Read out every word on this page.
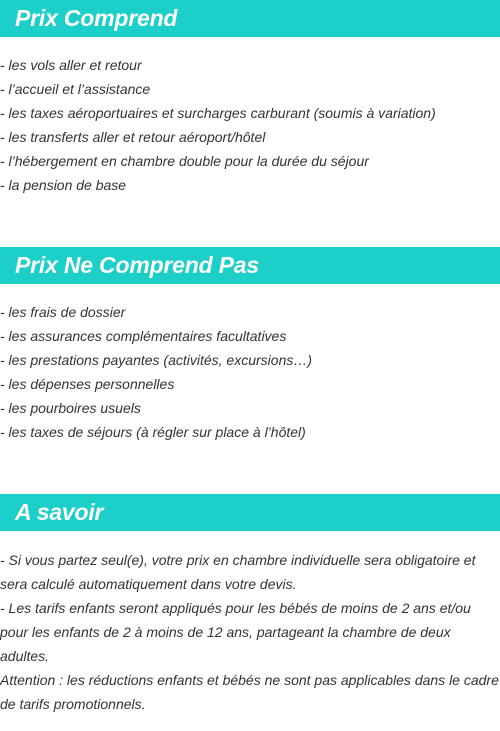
Prix Comprend
- les vols aller et retour
- l’accueil et l’assistance
- les taxes aéroportuaires et surcharges carburant (soumis à variation)
- les transferts aller et retour aéroport/hôtel
- l’hébergement en chambre double pour la durée du séjour
- la pension de base
Prix Ne Comprend Pas
- les frais de dossier
- les assurances complémentaires facultatives
- les prestations payantes (activités, excursions…)
- les dépenses personnelles
- les pourboires usuels
- les taxes de séjours (à régler sur place à l’hôtel)
A savoir
- Si vous partez seul(e), votre prix en chambre individuelle sera obligatoire et sera calculé automatiquement dans votre devis.
- Les tarifs enfants seront appliqués pour les bébés de moins de 2 ans et/ou pour les enfants de 2 à moins de 12 ans, partageant la chambre de deux adultes.
Attention : les réductions enfants et bébés ne sont pas applicables dans le cadre de tarifs promotionnels.
